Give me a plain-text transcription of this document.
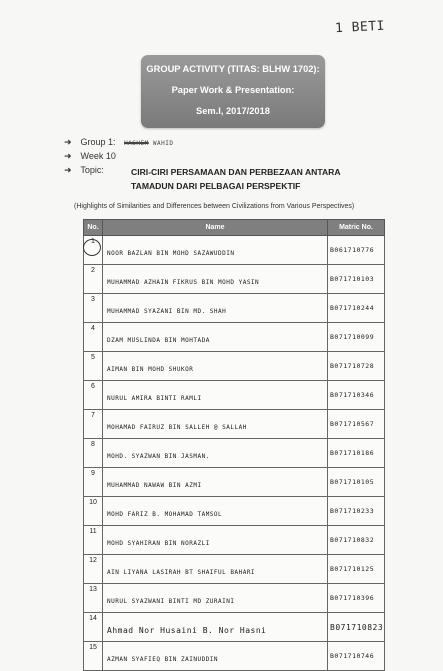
1 BETI
GROUP ACTIVITY (TITAS: BLHW 1702):
Paper Work & Presentation:
Sem.I, 2017/2018
➜ Group 1: HASHEM WAHID
➜ Week 10
➜ Topic:	CIRI-CIRI PERSAMAAN DAN PERBEZAAN ANTARA
TAMADUN DARI PELBAGAI PERSPEKTIF
(Highlights of Similarities and Differences between Civilizations from Various Perspectives)
No.	Name	Matric No.
1	NOOR BAZLAN BIN MOHD SAZAWUDDIN	B061710776
2	MUHAMMAD AZHAIN FIKRUS BIN MOHD YASIN	B071710103
3	MUHAMMAD SYAZANI BIN MD. SHAH	B071710244
4	DZAM MUSLINDA BIN MOHTADA	B071710099
5	AIMAN BIN MOHD SHUKOR	B071710728
6	NURUL AMIRA BINTI RAMLI	B071710346
7	MOHAMAD FAIRUZ BIN SALLEH @ SALLAH	B071710567
8	MOHD. SYAZWAN BIN JASMAN.	B071710186
9	MUHAMMAD NAWAW BIN AZMI	B071710105
10	MOHD FARIZ B. MOHAMAD TAMSOL	B071710233
11	MOHD SYAHIRAN BIN NORAZLI	B071710832
12	AIN LIYANA LASIRAH BT SHAIFUL BAHARI	B071710125
13	NURUL SYAZWANI BINTI MD ZURAINI	B071710396
14	Ahmad Nor Husaini B. Nor Hasni	B071710823
15	AZMAN SYAFIEQ BIN ZAINUDDIN	B071710746
